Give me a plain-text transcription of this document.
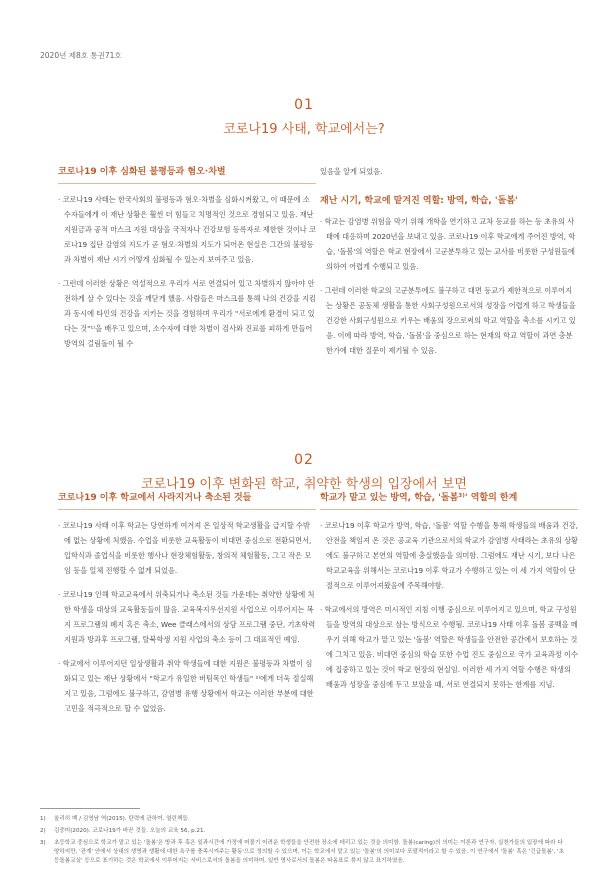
2020년 제8호 통권71호
01
코로나19 사태, 학교에서는?
코로나19 이후 심화된 불평등과 혐오·차별

· 코로나19 사태는 한국사회의 불평등과 혐오·차별을 심화시켜왔고, 이 때문에 소수자들에게 이 재난 상황은 훨씬 더 힘들고 치명적인 것으로 경험되고 있음. 재난지원금과 공적 마스크 지원 대상을 국적자나 건강보험 등록자로 제한한 것이나 코로나19 집단 감염의 지도가 곧 혐오·차별의 지도가 되어온 현실은 그간의 불평등과 차별이 재난 시기 어떻게 심화될 수 있는지 보여주고 있음.

· 그런데 이러한 상황은 역설적으로 우리가 서로 연결되어 있고 차별하지 않아야 안전하게 살 수 있다는 것을 깨닫게 했음. 사람들은 마스크를 통해 나의 건강을 지킴과 동시에 타인의 건강을 지키는 것을 경험하며 우리가 "서로에게 환경이 되고 있다는 것"¹⁾을 배우고 있으며, 소수자에 대한 차별이 검사와 진료를 피하게 만들어 방역의 걸림돌이 될 수

있음을 알게 되었음.

재난 시기, 학교에 맡겨진 역할: 방역, 학습, '돌봄'

· 학교는 감염병 위험을 막기 위해 개학을 연기하고 교차 등교를 하는 등 초유의 사태에 대응하며 2020년을 보내고 있음. 코로나19 이후 학교에게 주어진 방역, 학습, '돌봄'의 역할은 학교 현장에서 고군분투하고 있는 교사를 비롯한 구성원들에 의하여 어렵게 수행되고 있음.

· 그런데 이러한 학교의 고군분투에도 불구하고 대면 등교가 제한적으로 이루어지는 상황은 공동체 생활을 통한 사회구성원으로서의 성장을 어렵게 하고 학생들을 건강한 사회구성원으로 키우는 배움의 장으로써의 학교 역할을 축소를 시키고 있음. 이에 따라 방역, 학습, '돌봄'을 중심으로 하는 현재의 학교 역할이 과연 충분한가에 대한 질문이 제기될 수 있음.

02
코로나19 이후 변화된 학교, 취약한 학생의 입장에서 보면
코로나19 이후 학교에서 사라지거나 축소된 것들

· 코로나19 사태 이후 학교는 당연하게 여겨져 온 일상적 학교생활을 급지할 수밖에 없는 상황에 처했음. 수업을 비롯한 교육활동이 비대면 중심으로 전환되면서, 입학식과 졸업식을 비롯한 행사나 현장체험활동, 창의적 체험활동, 그고 작은 모임 등을 일체 진행할 수 없게 되었음.

· 코로나19 인해 학교교육에서 위축되거나 축소된 것들 가운데는 취약한 상황에 처한 학생을 대상의 교육활동들이 많음. 교육복지우선지원 사업으로 이루어지는 복지 프로그램의 폐지 혹은 축소, Wee 클래스에서의 상담 프로그램 중단, 기초학력지원과 방과후 프로그램, 탈북학생 지원 사업의 축소 등이 그 대표적인 예임.

· 학교에서 이루어지던 일상생활과 취약 학생들에 대한 지원은 불평등과 차별이 심화되고 있는 재난 상황에서 "학교가 유일한 버팀목인 학생들" ²⁾에게 더욱 절실해지고 있음, 그럼에도 불구하고, 감염병 유행 상황에서 학교는 이러한 부분에 대한 고민을 적극적으로 할 수 없었음.

학교가 맡고 있는 방역, 학습, '돌봄³⁾' 역할의 한계

· 코로나19 이후 학교가 방역, 학습, '돌봄' 역할 수행을 통해 학생들의 배움과 건강, 안전을 책임져 온 것은 공교육 기관으로서의 학교가 감염병 사태라는 초유의 상황에도 불구하고 본연의 역할에 충실했음을 의미함. 그럼에도 재난 시기, 보다 나은 학교교육을 위해서는 코로나19 이후 학교가 수행하고 있는 이 세 가지 역할이 단절적으로 이루어져왔음에 주목해야함.

· 학교에서의 방역은 미시적인 지침 이행 중심으로 이루어지고 있으며, 학교 구성원들을 방역의 대상으로 삼는 방식으로 수행됨. 코로나19 사태 이후 돌봄 공백을 메우기 위해 학교가 맡고 있는 '돌봄' 역할은 학생들을 안전한 공간에서 보호하는 것에 그치고 있음. 비대면 중심의 학습 또한 수업 진도 중심으로 국가 교육과정 이수에 집중하고 있는 것이 학교 현장의 현실임. 이러한 세 가지 역할 수행은 학생의 배움과 성장을 중심에 두고 보았을 때, 서로 연결되지 못하는 한계를 지님.

1)	울리히 벡 / 김영남 역(2015). 탄력에 관하여. 열린책들.
2)	김중미(2020). 코로나19가 바꾼 것들. 오늘의 교육 56, p.21.
3)	초등학교 중심으로 학교가 맡고 있는 '돌봄'은 방과 후 혹은 일과시간에 가정에 머물기 어려운 학생들을 안전한 장소에 데리고 있는 것을 의미함. 돌봄(caring)의 의미는 이론과 연구자, 실천가들의 입장에 따라 다양하지만, '관계' 안에서 상대의 생명과 생활에 대한 욕구를 충족시켜주는 활동'으로 정의할 수 있으며, 이는 학교에서 맡고 있는 '돌봄'의 의미보다 포괄적이라고 할 수 있음. 이 연구에서 '돌봄' 혹은 '긴급돌봄', '초등돌봄교실' 등으로 표기하는 것은 학교에서 이루어지는 서비스로서의 돌봄을 의미하며, 일반 명사로서의 돌봄은 따옴표로 묶지 않고 표기하였음.
